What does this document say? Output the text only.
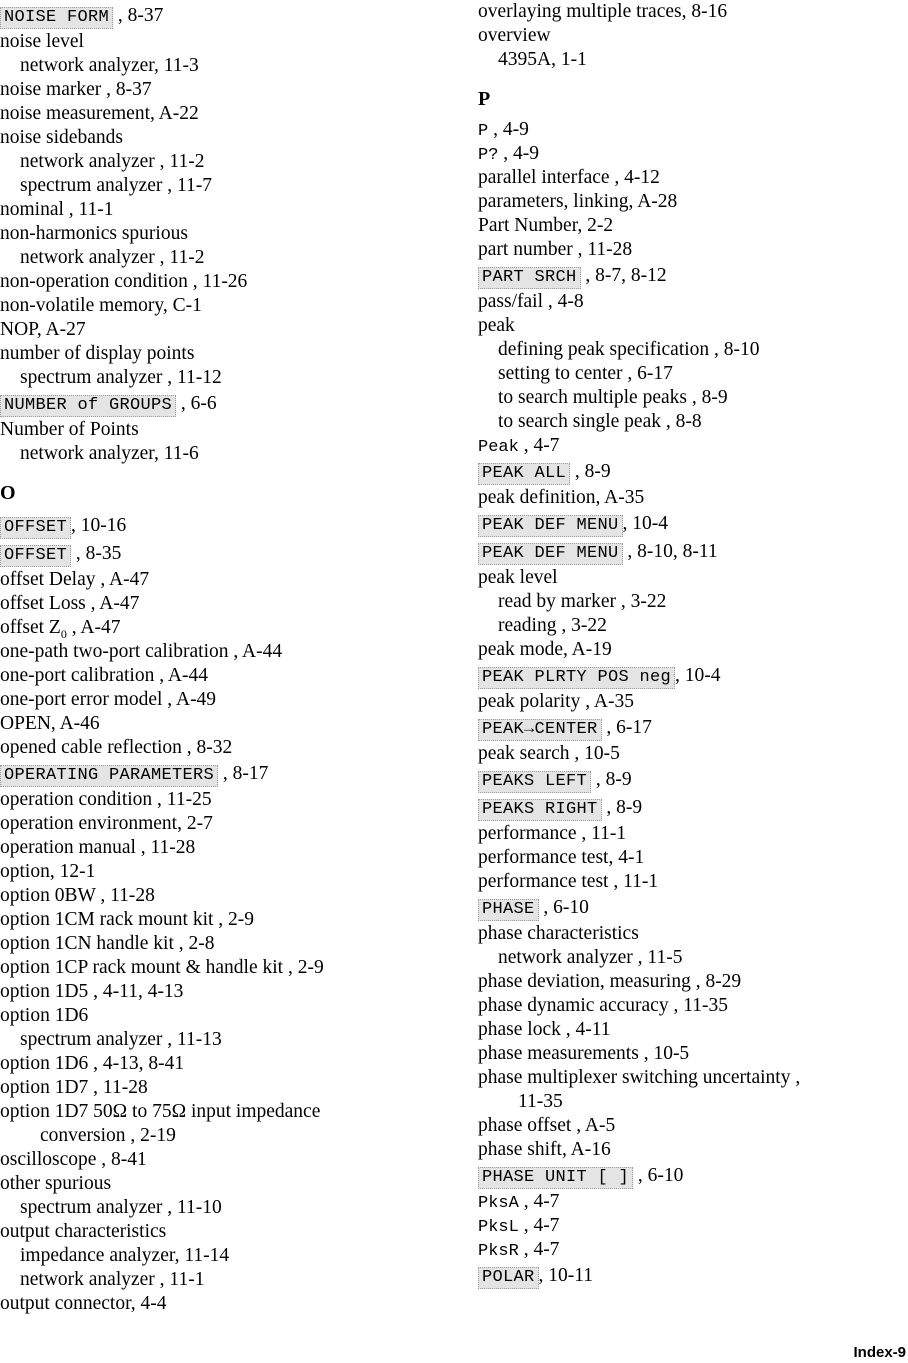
NOISE FORM , 8-37
noise level
network analyzer, 11-3
noise marker , 8-37
noise measurement, A-22
noise sidebands
network analyzer , 11-2
spectrum analyzer , 11-7
nominal , 11-1
non-harmonics spurious
network analyzer , 11-2
non-operation condition , 11-26
non-volatile memory, C-1
NOP, A-27
number of display points
spectrum analyzer , 11-12
NUMBER of GROUPS , 6-6
Number of Points
network analyzer, 11-6
O
OFFSET , 10-16
OFFSET , 8-35
offset Delay , A-47
offset Loss , A-47
offset $Z_0$ , A-47
one-path two-port calibration , A-44
one-port calibration , A-44
one-port error model , A-49
OPEN, A-46
opened cable reflection , 8-32
OPERATING PARAMETERS , 8-17
operation condition , 11-25
operation environment, 2-7
operation manual , 11-28
option, 12-1
option 0BW , 11-28
option 1CM rack mount kit , 2-9
option 1CN handle kit , 2-8
option 1CP rack mount & handle kit , 2-9
option 1D5 , 4-11, 4-13
option 1D6
spectrum analyzer , 11-13
option 1D6 , 4-13, 8-41
option 1D7 , 11-28
option 1D7 50Ω to 75Ω input impedance
conversion , 2-19
oscilloscope , 8-41
other spurious
spectrum analyzer , 11-10
output characteristics
impedance analyzer, 11-14
network analyzer , 11-1
output connector, 4-4
overlaying multiple traces, 8-16
overview
4395A, 1-1
P
P , 4-9
P? , 4-9
parallel interface , 4-12
parameters, linking, A-28
Part Number, 2-2
part number , 11-28
PART SRCH , 8-7, 8-12
pass/fail , 4-8
peak
defining peak specification , 8-10
setting to center , 6-17
to search multiple peaks , 8-9
to search single peak , 8-8
Peak , 4-7
PEAK ALL , 8-9
peak definition, A-35
PEAK DEF MENU , 10-4
PEAK DEF MENU , 8-10, 8-11
peak level
read by marker , 3-22
reading , 3-22
peak mode, A-19
PEAK PLRTY POS neg , 10-4
peak polarity , A-35
PEAK→CENTER , 6-17
peak search , 10-5
PEAKS LEFT , 8-9
PEAKS RIGHT , 8-9
performance , 11-1
performance test, 4-1
performance test , 11-1
PHASE , 6-10
phase characteristics
network analyzer , 11-5
phase deviation, measuring , 8-29
phase dynamic accuracy , 11-35
phase lock , 4-11
phase measurements , 10-5
phase multiplexer switching uncertainty ,
11-35
phase offset , A-5
phase shift, A-16
PHASE UNIT [ ] , 6-10
PksA , 4-7
PksL , 4-7
PksR , 4-7
POLAR , 10-11
Index-9
